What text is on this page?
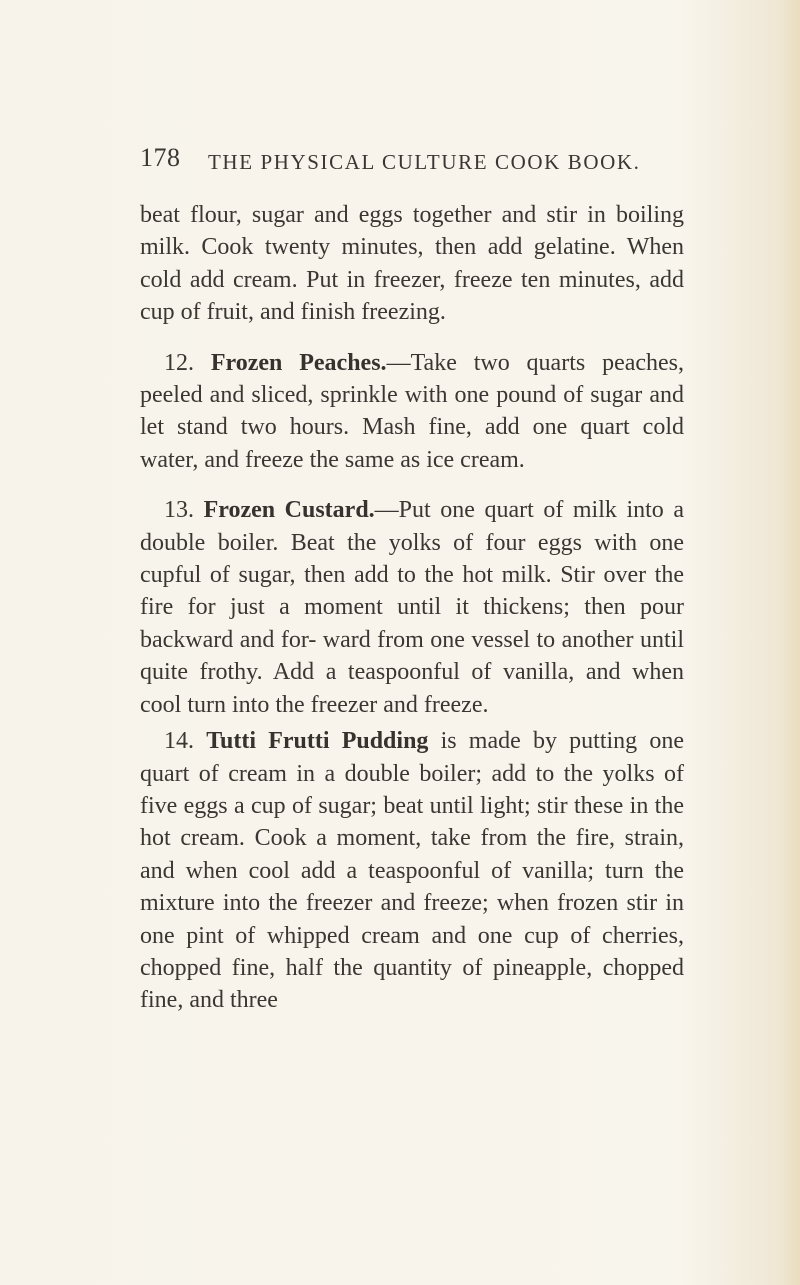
178 THE PHYSICAL CULTURE COOK BOOK.

beat flour, sugar and eggs together and stir in boiling milk. Cook twenty minutes, then add gelatine. When cold add cream. Put in freezer, freeze ten minutes, add cup of fruit, and finish freezing.

 12. Frozen Peaches.—Take two quarts peaches, peeled and sliced, sprinkle with one pound of sugar and let stand two hours. Mash fine, add one quart cold water, and freeze the same as ice cream.

 13. Frozen Custard.—Put one quart of milk into a double boiler. Beat the yolks of four eggs with one cupful of sugar, then add to the hot milk. Stir over the fire for just a moment until it thickens; then pour backward and for- ward from one vessel to another until quite frothy. Add a teaspoonful of vanilla, and when cool turn into the freezer and freeze.

 14. Tutti Frutti Pudding is made by putting one quart of cream in a double boiler; add to the yolks of five eggs a cup of sugar; beat until light; stir these in the hot cream. Cook a moment, take from the fire, strain, and when cool add a teaspoonful of vanilla; turn the mixture into the freezer and freeze; when frozen stir in one pint of whipped cream and one cup of cherries, chopped fine, half the quantity of pineapple, chopped fine, and three
